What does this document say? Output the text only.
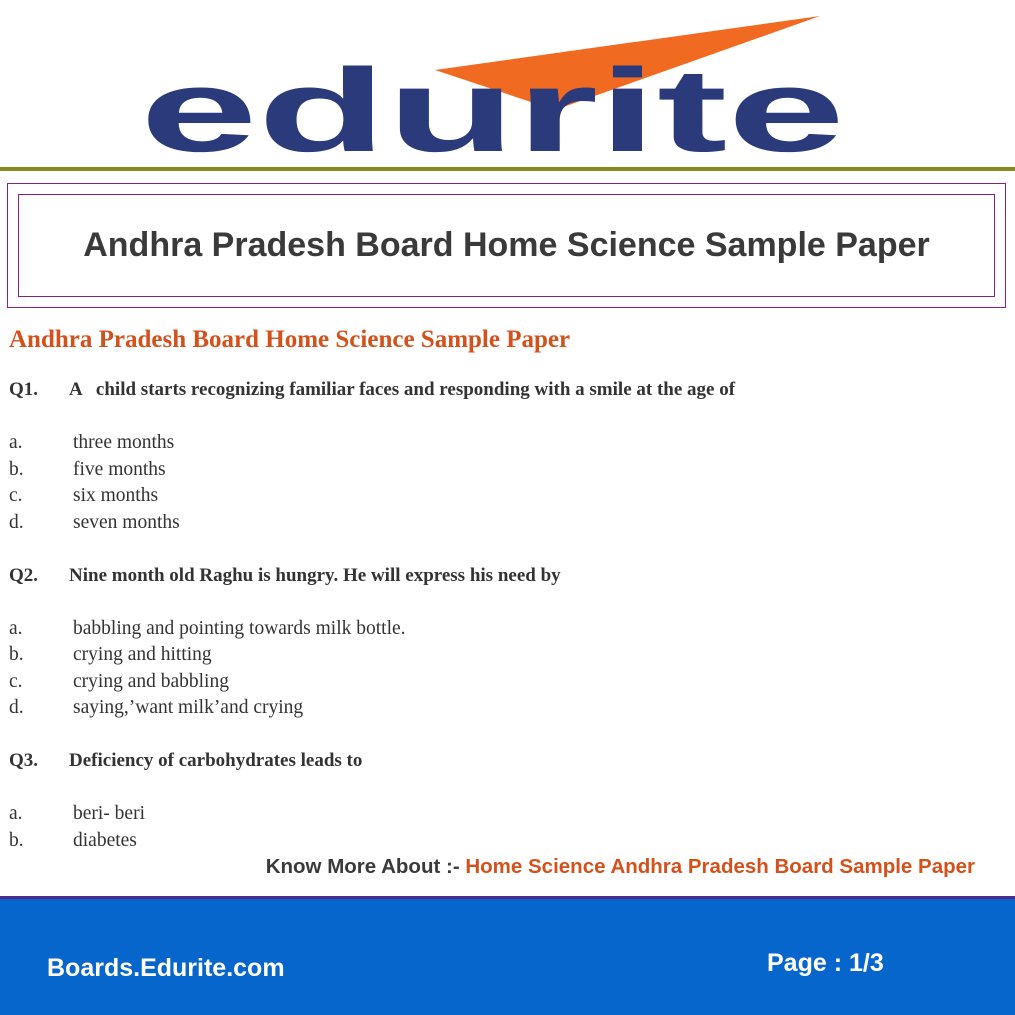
edurite
SM
Andhra Pradesh Board Home Science Sample Paper

Andhra Pradesh Board Home Science Sample Paper

Q1. A   child starts recognizing familiar faces and responding with a smile at the age of

a.	three months

b.	five months

c.	six months

d.	seven months

Q2. Nine month old Raghu is hungry. He will express his need by

a.	babbling and pointing towards milk bottle.

b.	crying and hitting

c.	crying and babbling

d.	saying,’want milk’and crying

Q3. Deficiency of carbohydrates leads to

a.	beri- beri

b.	diabetes

Know More About :- Home Science Andhra Pradesh Board Sample Paper
Boards.Edurite.com	Page : 1/3
